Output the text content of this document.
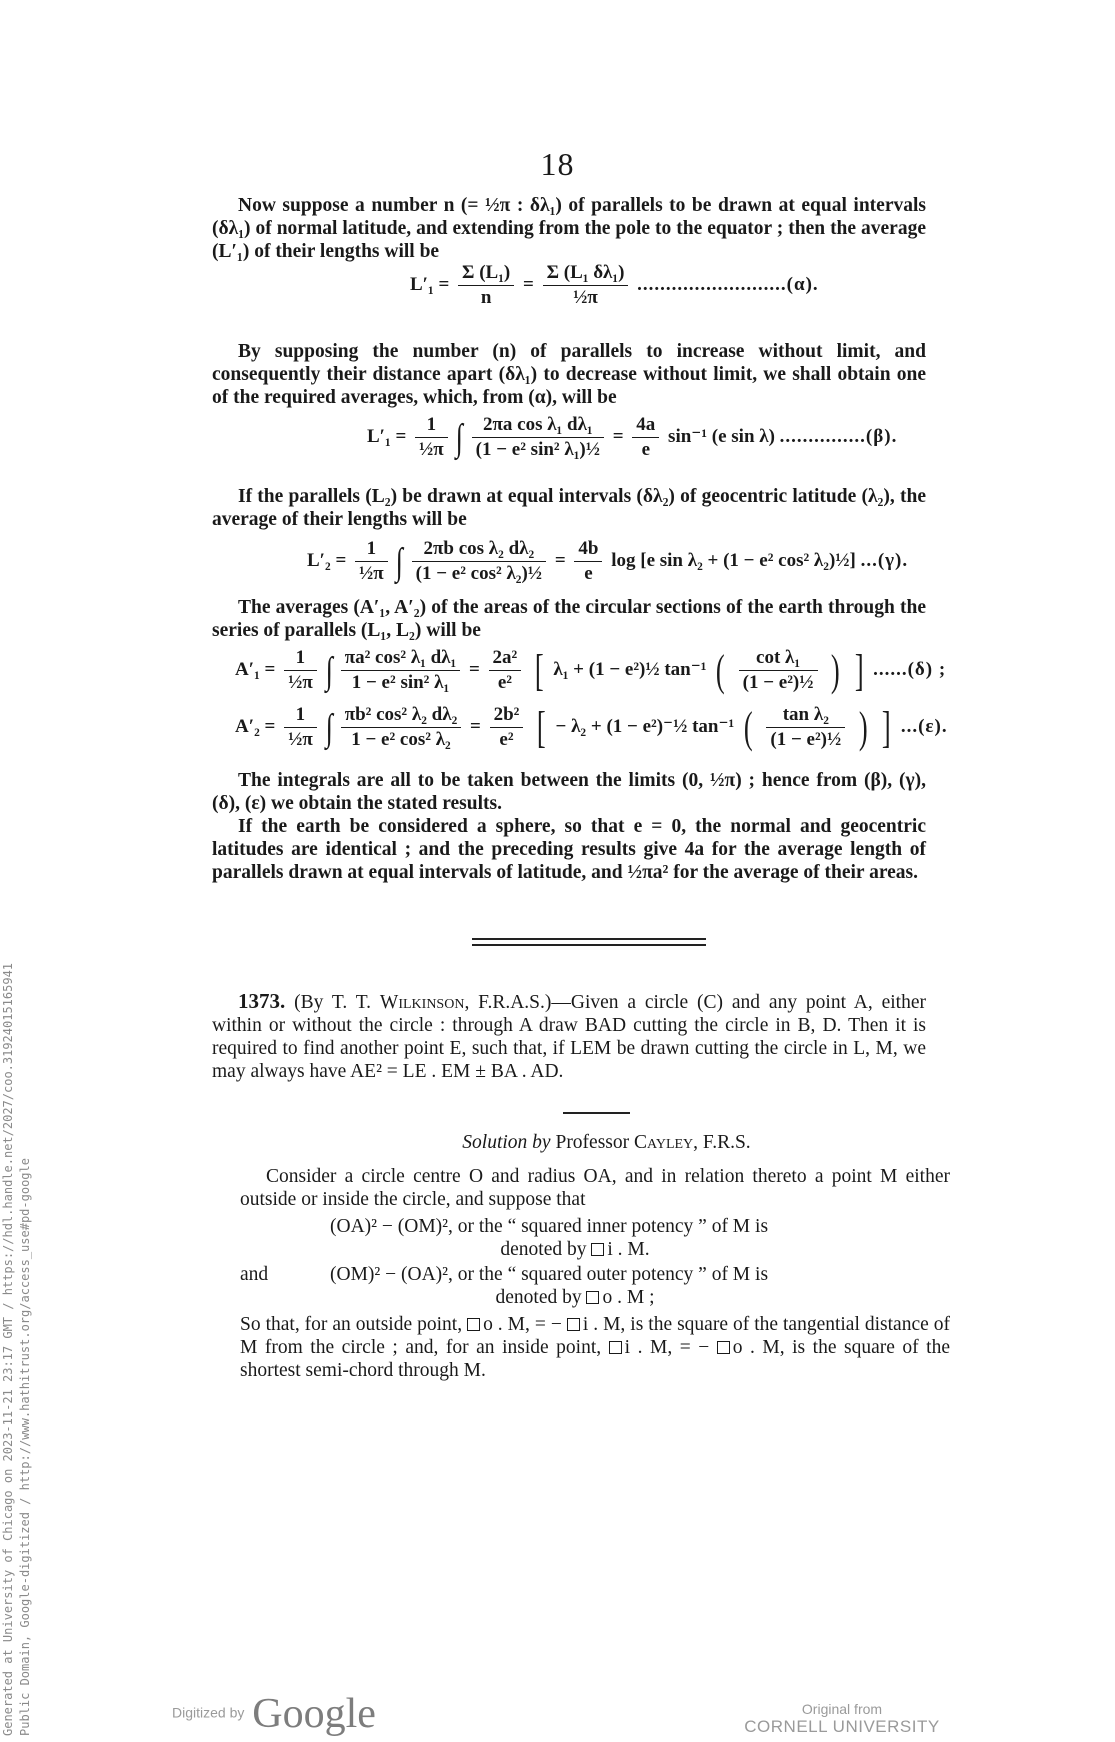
18

Now suppose a number n (= ½π : δλ₁) of parallels to be drawn at equal intervals (δλ₁) of normal latitude, and extending from the pole to the equator ; then the average (L′₁) of their lengths will be

$L'_1 = \frac{\text{Σ (L₁)}}{n} = \frac{\text{Σ (L₁ δλ₁)}}{\text{½π}} ..........................(\alpha)$.

By supposing the number (n) of parallels to increase without limit, and consequently their distance apart (δλ₁) to decrease without limit, we shall obtain one of the required averages, which, from (α), will be

$L'_1 = \frac{1}{\text{½π}}$ ∫ $\frac{\text{2πa cos λ₁ dλ₁}}{\text{(1 − e² sin² λ₁)½}} = \frac{4a}{e} \sin^{-1}$ (e sin λ) ...............(β).

If the parallels (L₂) be drawn at equal intervals (δλ₂) of geocentric latitude (λ₂), the average of their lengths will be

$L'_2 = \frac{1}{\text{½π}}$ ∫ $\frac{\text{2πb cos λ₂ dλ₂}}{\text{(1 − e² cos² λ₂)½}} = \frac{4b}{e}$ log [e sin λ₂ + (1 − e² cos² λ₂)½] ...(γ).

The averages (A′₁, A′₂) of the areas of the circular sections of the earth through the series of parallels (L₁, L₂) will be

$A'_1 = \frac{1}{\text{½π}}$ ∫ $\frac{\text{πa² cos² λ₁ dλ₁}}{\text{1 − e² sin² λ₁}} = \frac{\text{2a²}}{\text{e²}}$ [ λ₁ + (1 − e²)½ tan⁻¹ ( $\frac{\text{cot λ₁}}{\text{(1 − e²)½}}$ ) ] ......(δ) ;
$A'_2 = \frac{1}{\text{½π}}$ ∫ $\frac{\text{πb² cos² λ₂ dλ₂}}{\text{1 − e² cos² λ₂}} = \frac{\text{2b²}}{\text{e²}}$ [ − λ₂ + (1 − e²)⁻½ tan⁻¹ ( $\frac{\text{tan λ₂}}{\text{(1 − e²)½}}$ ) ] ...(ε).

The integrals are all to be taken between the limits (0, ½π) ; hence from (β), (γ), (δ), (ε) we obtain the stated results.

If the earth be considered a sphere, so that e = 0, the normal and geocentric latitudes are identical ; and the preceding results give 4a for the average length of parallels drawn at equal intervals of latitude, and ½πa² for the average of their areas.

1373. (By T. T. Wilkinson, F.R.A.S.)—Given a circle (C) and any point A, either within or without the circle : through A draw BAD cutting the circle in B, D. Then it is required to find another point E, such that, if LEM be drawn cutting the circle in L, M, we may always have AE² = LE . EM ± BA . AD.

Solution by Professor Cayley, F.R.S.

Consider a circle centre O and radius OA, and in relation thereto a point M either outside or inside the circle, and suppose that

(OA)² − (OM)², or the “ squared inner potency ” of M is
denoted by i . M.
and	(OM)² − (OA)², or the “ squared outer potency ” of M is
denoted by o . M ;

So that, for an outside point, o . M, = − i . M, is the square of the tangential distance of M from the circle ; and, for an inside point, i . M, = − o . M, is the square of the shortest semi-chord through M.

Generated at University of Chicago on 2023-11-21 23:17 GMT / https://hdl.handle.net/2027/coo.31924015165941 Public Domain, Google-digitized / http://www.hathitrust.org/access_use#pd-google	Digitized by Google	Original from
CORNELL UNIVERSITY
